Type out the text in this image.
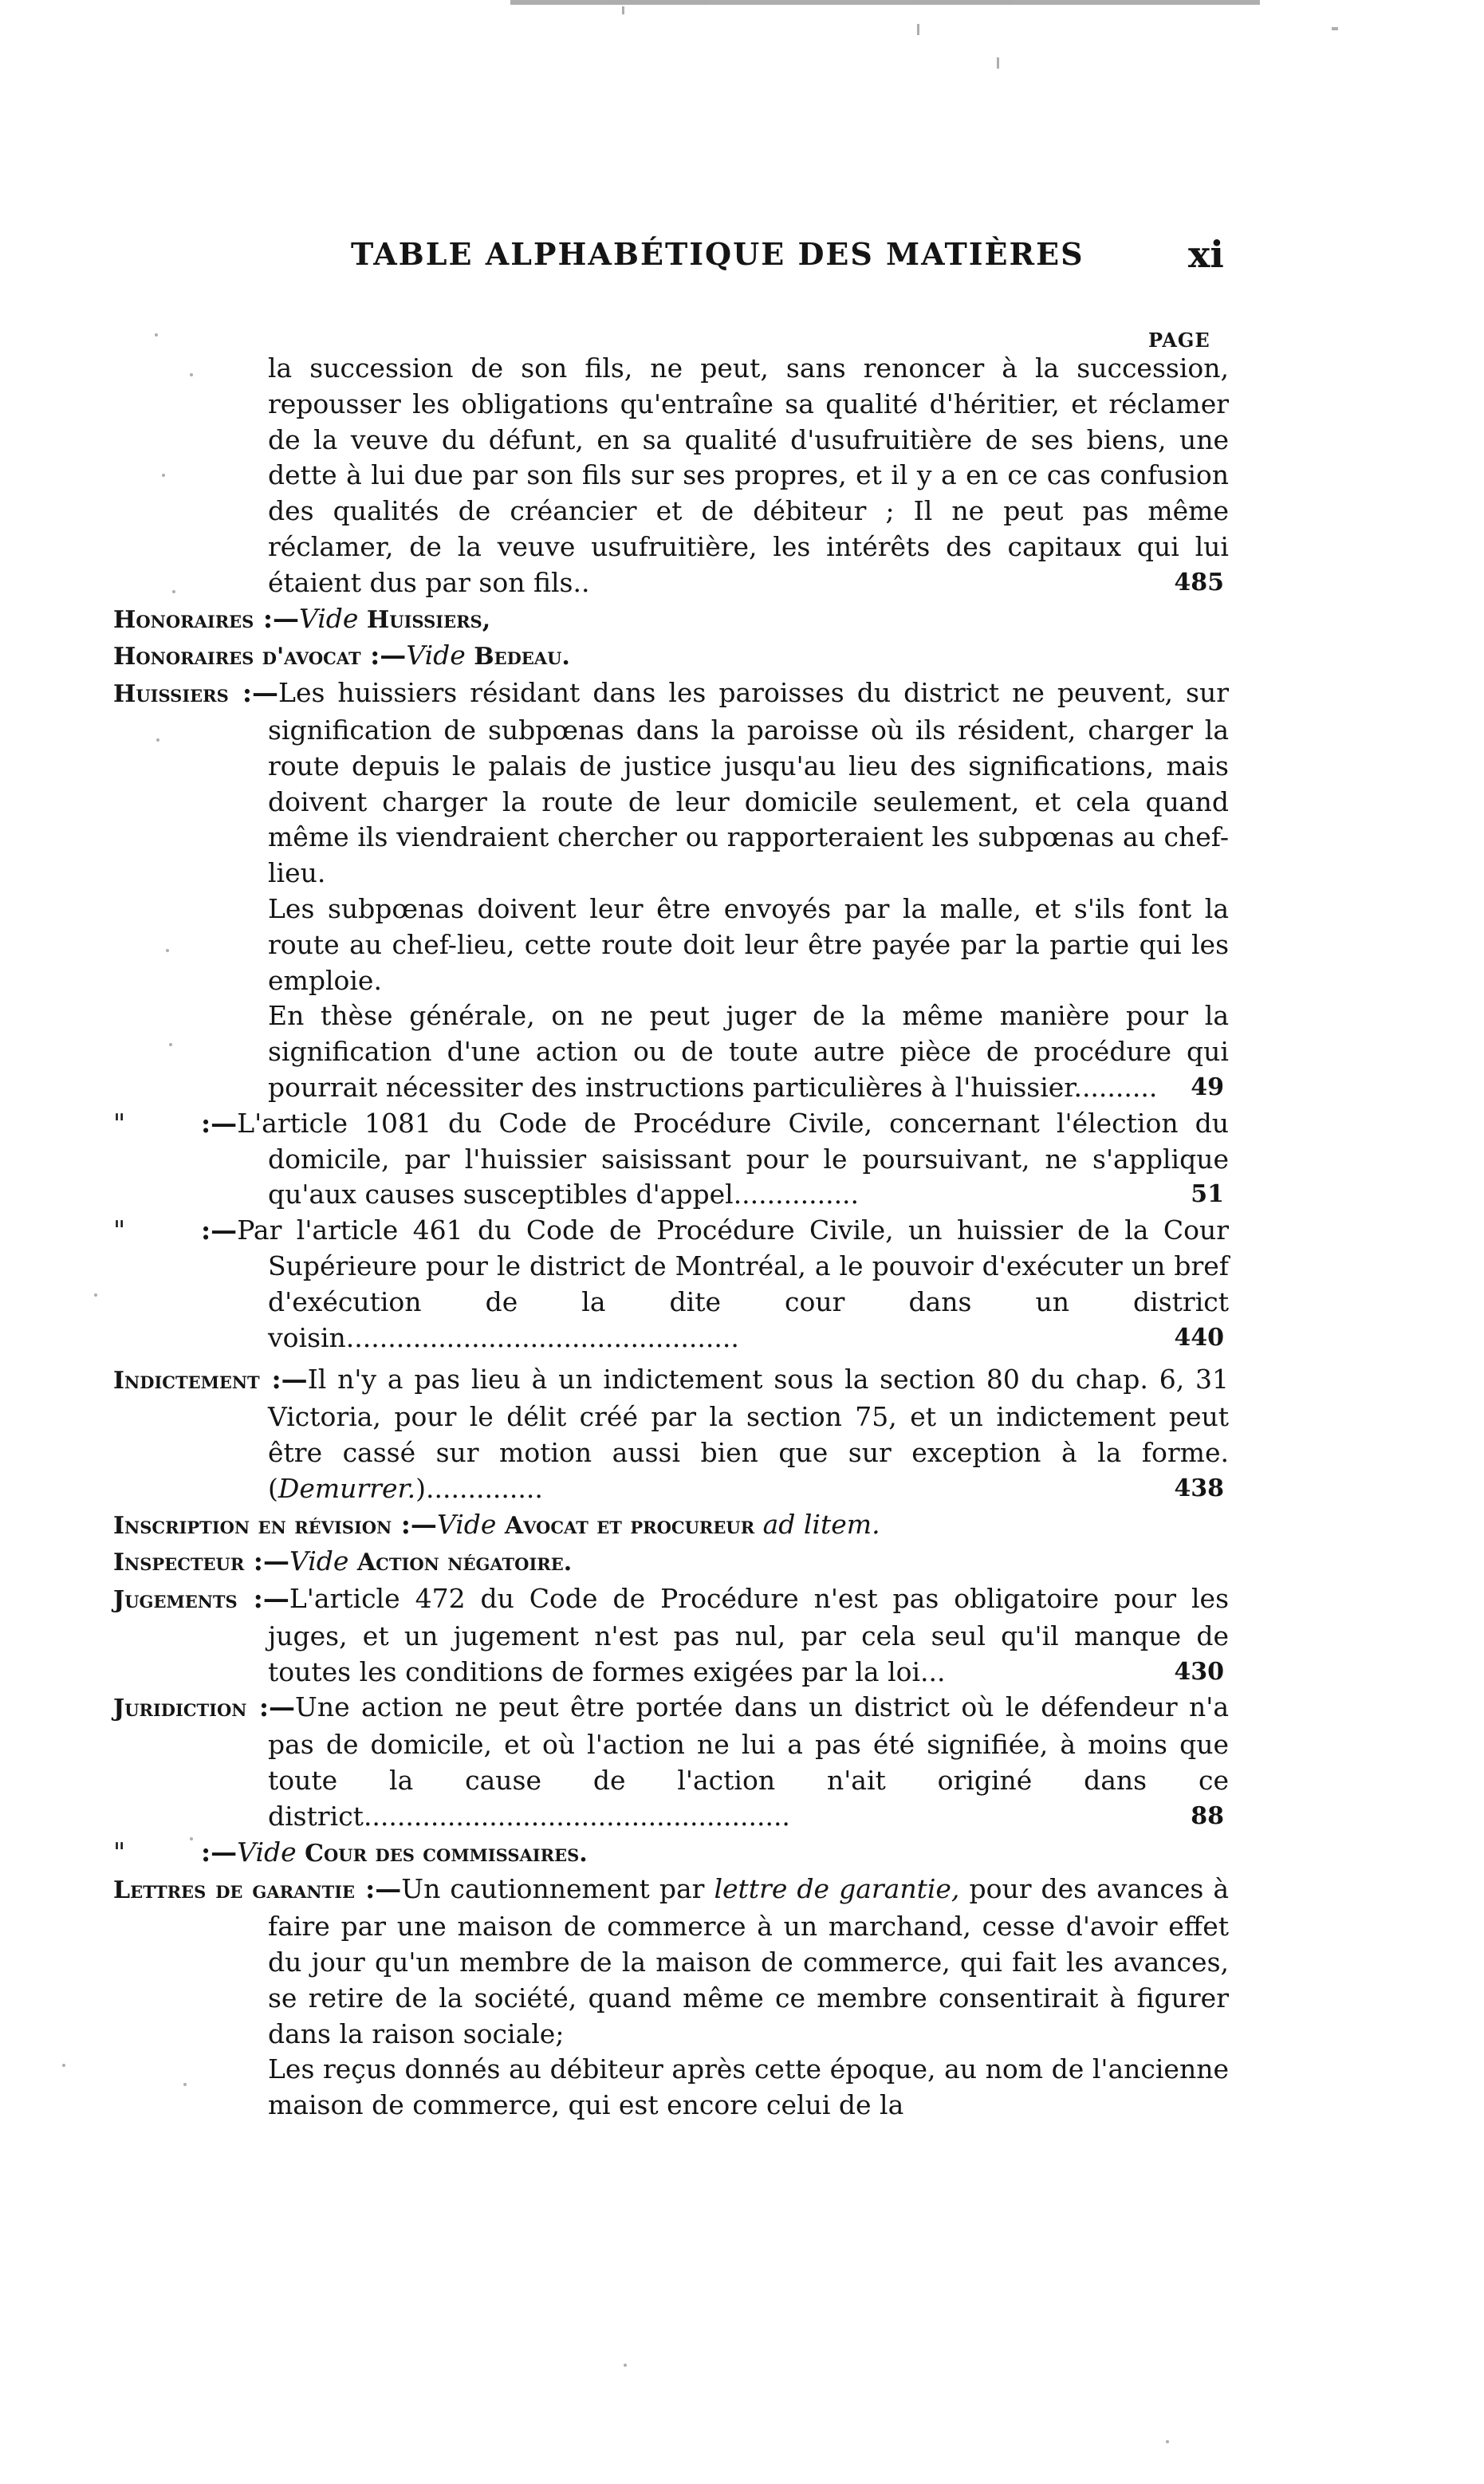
TABLE ALPHABÉTIQUE DES MATIÈRES	xi
PAGE
la succession de son fils, ne peut, sans renoncer à la succession, repousser les obligations qu'entraîne sa qualité d'héritier, et réclamer de la veuve du défunt, en sa qualité d'usufruitière de ses biens, une dette à lui due par son fils sur ses propres, et il y a en ce cas confusion des qualités de créancier et de débiteur ; Il ne peut pas même réclamer, de la veuve usufruitière, les intérêts des capitaux qui lui étaient dus par son fils..	485
Honoraires :—Vide Huissiers,
Honoraires d'avocat :—Vide Bedeau.
Huissiers :—Les huissiers résidant dans les paroisses du district ne peuvent, sur signification de subpœnas dans la paroisse où ils résident, charger la route depuis le palais de justice jusqu'au lieu des significations, mais doivent charger la route de leur domicile seulement, et cela quand même ils viendraient chercher ou rapporteraient les subpœnas au chef-lieu.
Les subpœnas doivent leur être envoyés par la malle, et s'ils font la route au chef-lieu, cette route doit leur être payée par la partie qui les emploie.
En thèse générale, on ne peut juger de la même manière pour la signification d'une action ou de toute autre pièce de procédure qui pourrait nécessiter des instructions particulières à l'huissier.......... 49
"	:—L'article 1081 du Code de Procédure Civile, concernant l'élection du domicile, par l'huissier saisissant pour le poursuivant, ne s'applique qu'aux causes susceptibles d'appel...............	51
"	:—Par l'article 461 du Code de Procédure Civile, un huissier de la Cour Supérieure pour le district de Montréal, a le pouvoir d'exécuter un bref d'exécution de la dite cour dans un district voisin...............................................	440
Indictement :—Il n'y a pas lieu à un indictement sous la section 80 du chap. 6, 31 Victoria, pour le délit créé par la section 75, et un indictement peut être cassé sur motion aussi bien que sur exception à la forme. (Demurrer.)..............	438
Inscription en révision :—Vide Avocat et procureur ad litem.
Inspecteur :—Vide Action négatoire.
Jugements :—L'article 472 du Code de Procédure n'est pas obligatoire pour les juges, et un jugement n'est pas nul, par cela seul qu'il manque de toutes les conditions de formes exigées par la loi...	430
Juridiction :—Une action ne peut être portée dans un district où le défendeur n'a pas de domicile, et où l'action ne lui a pas été signifiée, à moins que toute la cause de l'action n'ait originé dans ce district...................................................	88
"	:—Vide Cour des commissaires.
Lettres de garantie :—Un cautionnement par lettre de garantie, pour des avances à faire par une maison de commerce à un marchand, cesse d'avoir effet du jour qu'un membre de la maison de commerce, qui fait les avances, se retire de la société, quand même ce membre consentirait à figurer dans la raison sociale;
Les reçus donnés au débiteur après cette époque, au nom de l'ancienne maison de commerce, qui est encore celui de la
